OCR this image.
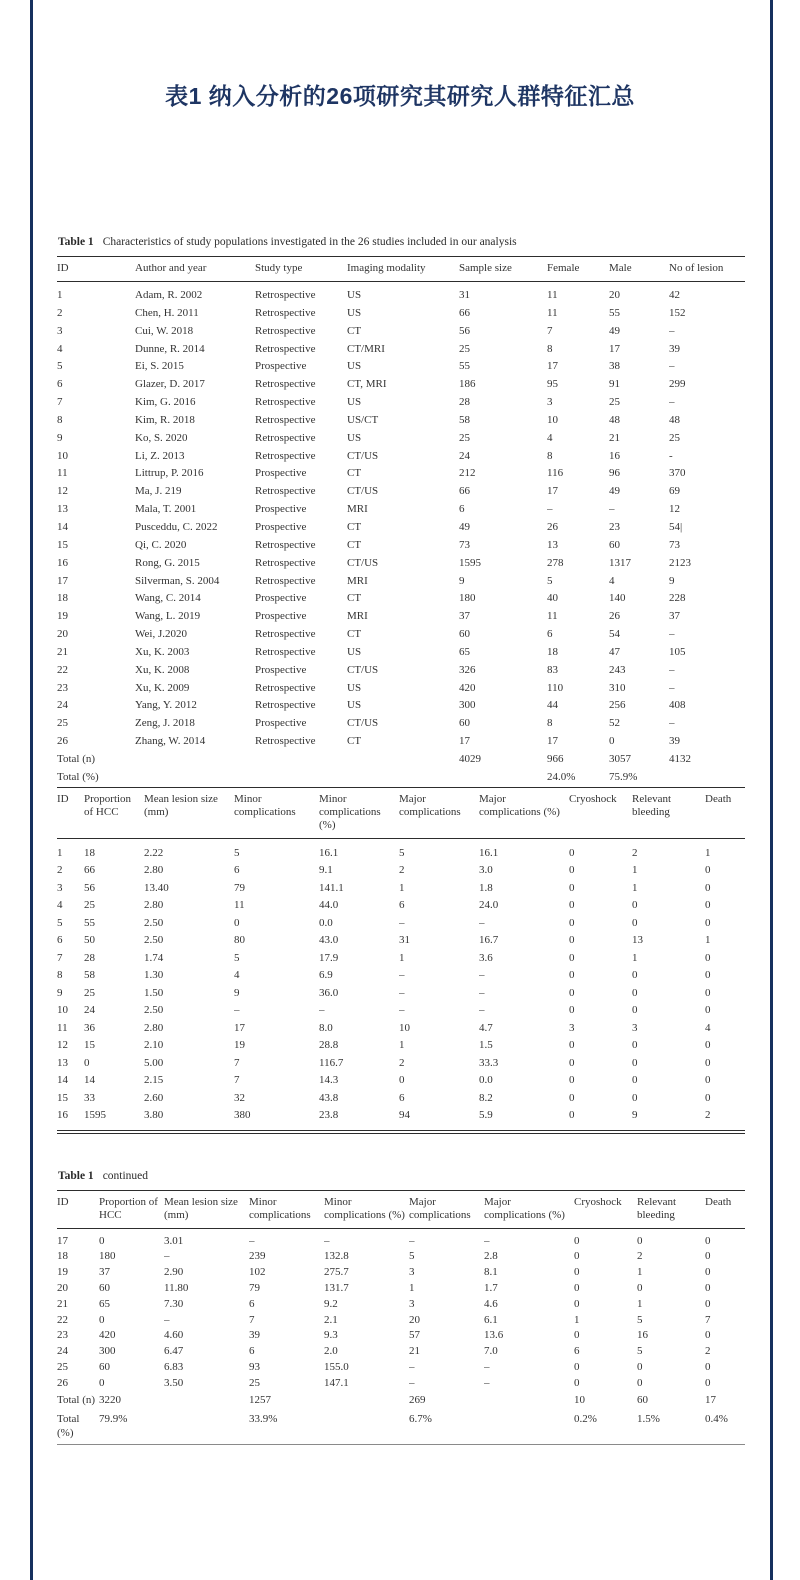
表1 纳入分析的26项研究其研究人群特征汇总

Table 1 Characteristics of study populations investigated in the 26 studies included in our analysis

ID	Author and year	Study type	Imaging modality	Sample size	Female	Male	No of lesion
1	Adam, R. 2002	Retrospective	US	31	11	20	42
2	Chen, H. 2011	Retrospective	US	66	11	55	152
3	Cui, W. 2018	Retrospective	CT	56	7	49	–
4	Dunne, R. 2014	Retrospective	CT/MRI	25	8	17	39
5	Ei, S. 2015	Prospective	US	55	17	38	–
6	Glazer, D. 2017	Retrospective	CT, MRI	186	95	91	299
7	Kim, G. 2016	Retrospective	US	28	3	25	–
8	Kim, R. 2018	Retrospective	US/CT	58	10	48	48
9	Ko, S. 2020	Retrospective	US	25	4	21	25
10	Li, Z. 2013	Retrospective	CT/US	24	8	16	-
11	Littrup, P. 2016	Prospective	CT	212	116	96	370
12	Ma, J. 219	Retrospective	CT/US	66	17	49	69
13	Mala, T. 2001	Prospective	MRI	6	–	–	12
14	Pusceddu, C. 2022	Prospective	CT	49	26	23	54|
15	Qi, C. 2020	Retrospective	CT	73	13	60	73
16	Rong, G. 2015	Retrospective	CT/US	1595	278	1317	2123
17	Silverman, S. 2004	Retrospective	MRI	9	5	4	9
18	Wang, C. 2014	Prospective	CT	180	40	140	228
19	Wang, L. 2019	Prospective	MRI	37	11	26	37
20	Wei, J.2020	Retrospective	CT	60	6	54	–
21	Xu, K. 2003	Retrospective	US	65	18	47	105
22	Xu, K. 2008	Prospective	CT/US	326	83	243	–
23	Xu, K. 2009	Retrospective	US	420	110	310	–
24	Yang, Y. 2012	Retrospective	US	300	44	256	408
25	Zeng, J. 2018	Prospective	CT/US	60	8	52	–
26	Zhang, W. 2014	Retrospective	CT	17	17	0	39
Total (n)				4029	966	3057	4132
Total (%)					24.0%	75.9%	
ID	Proportion of HCC	Mean lesion size (mm)	Minor complications	Minor complications (%)	Major complications	Major complications (%)	Cryoshock	Relevant bleeding	Death
1	18	2.22	5	16.1	5	16.1	0	2	1
2	66	2.80	6	9.1	2	3.0	0	1	0
3	56	13.40	79	141.1	1	1.8	0	1	0
4	25	2.80	11	44.0	6	24.0	0	0	0
5	55	2.50	0	0.0	–	–	0	0	0
6	50	2.50	80	43.0	31	16.7	0	13	1
7	28	1.74	5	17.9	1	3.6	0	1	0
8	58	1.30	4	6.9	–	–	0	0	0
9	25	1.50	9	36.0	–	–	0	0	0
10	24	2.50	–	–	–	–	0	0	0
11	36	2.80	17	8.0	10	4.7	3	3	4
12	15	2.10	19	28.8	1	1.5	0	0	0
13	0	5.00	7	116.7	2	33.3	0	0	0
14	14	2.15	7	14.3	0	0.0	0	0	0
15	33	2.60	32	43.8	6	8.2	0	0	0
16	1595	3.80	380	23.8	94	5.9	0	9	2

Table 1 continued

ID	Proportion of HCC	Mean lesion size (mm)	Minor complications	Minor complications (%)	Major complications	Major complications (%)	Cryoshock	Relevant bleeding	Death
17	0	3.01	–	–	–	–	0	0	0
18	180	–	239	132.8	5	2.8	0	2	0
19	37	2.90	102	275.7	3	8.1	0	1	0
20	60	11.80	79	131.7	1	1.7	0	0	0
21	65	7.30	6	9.2	3	4.6	0	1	0
22	0	–	7	2.1	20	6.1	1	5	7
23	420	4.60	39	9.3	57	13.6	0	16	0
24	300	6.47	6	2.0	21	7.0	6	5	2
25	60	6.83	93	155.0	–	–	0	0	0
26	0	3.50	25	147.1	–	–	0	0	0
Total (n)	3220		1257		269		10	60	17
Total (%)	79.9%		33.9%		6.7%		0.2%	1.5%	0.4%
